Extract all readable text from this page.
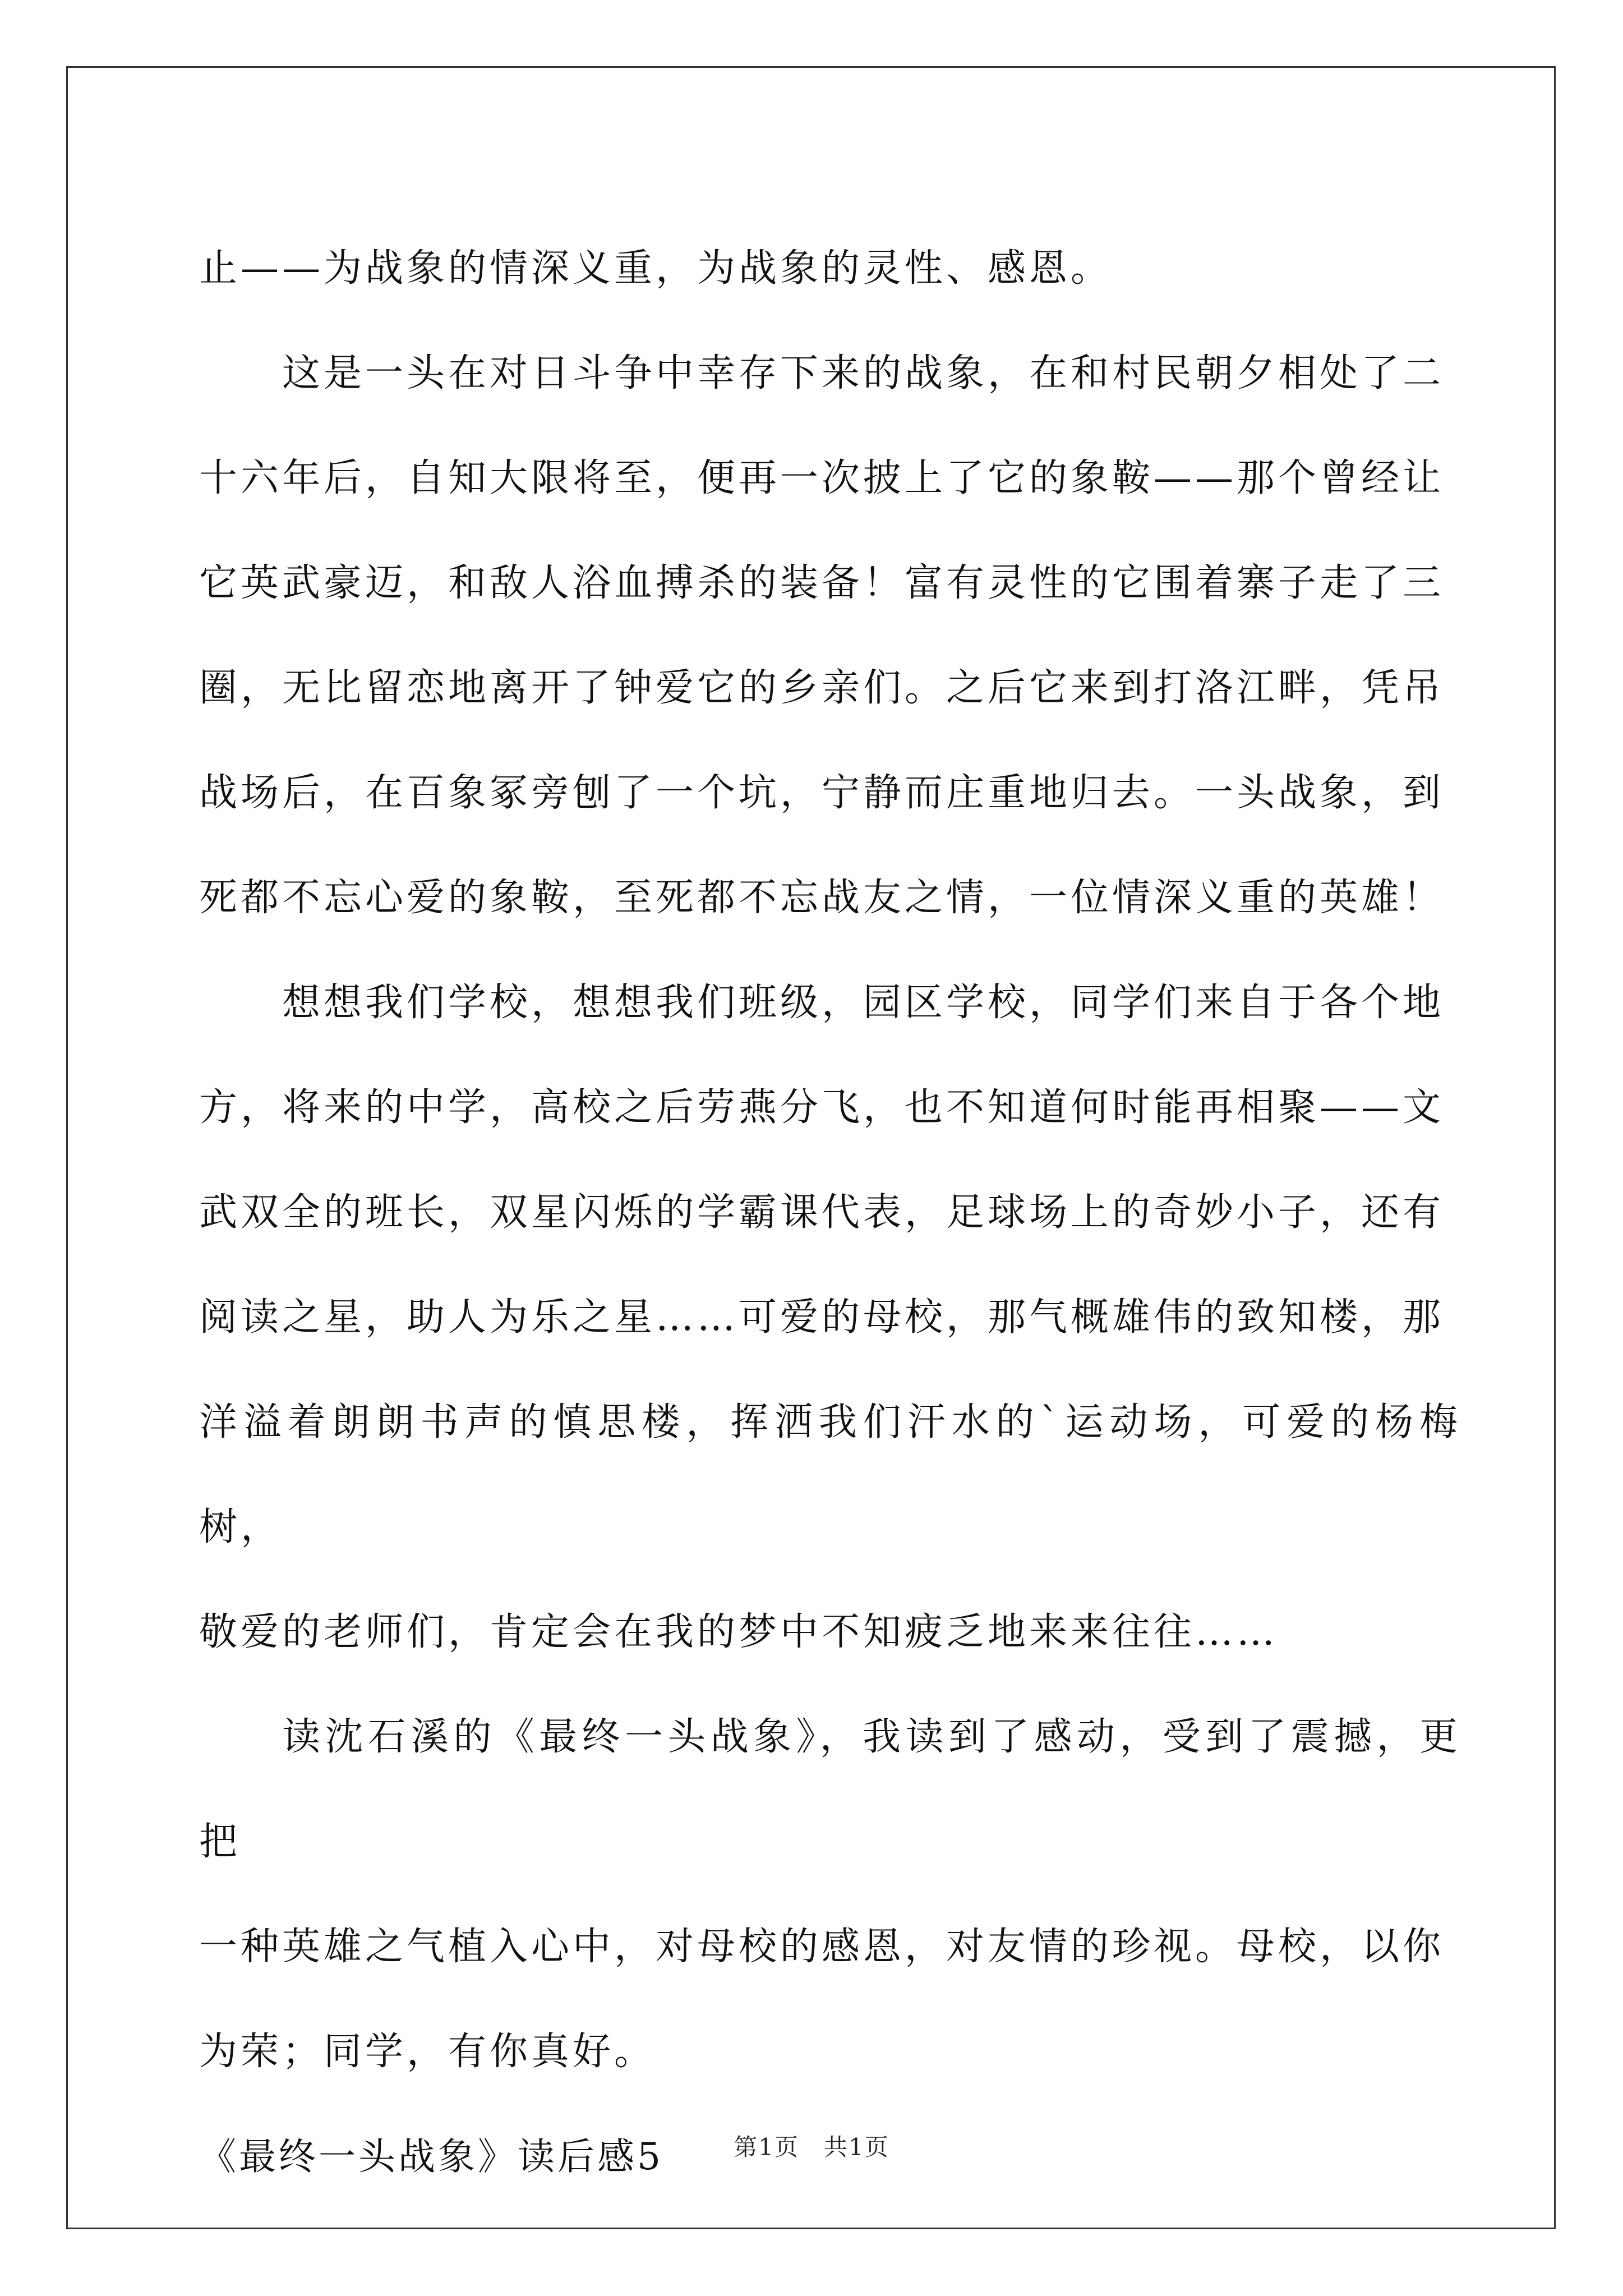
止——为战象的情深义重，为战象的灵性、感恩。
这是一头在对日斗争中幸存下来的战象，在和村民朝夕相处了二
十六年后，自知大限将至，便再一次披上了它的象鞍——那个曾经让
它英武豪迈，和敌人浴血搏杀的装备！富有灵性的它围着寨子走了三
圈，无比留恋地离开了钟爱它的乡亲们。之后它来到打洛江畔，凭吊
战场后，在百象冢旁刨了一个坑，宁静而庄重地归去。一头战象，到
死都不忘心爱的象鞍，至死都不忘战友之情，一位情深义重的英雄！
想想我们学校，想想我们班级，园区学校，同学们来自于各个地
方，将来的中学，高校之后劳燕分飞，也不知道何时能再相聚——文
武双全的班长，双星闪烁的学霸课代表，足球场上的奇妙小子，还有
阅读之星，助人为乐之星……可爱的母校，那气概雄伟的致知楼，那
洋溢着朗朗书声的慎思楼，挥洒我们汗水的`运动场，可爱的杨梅树，
敬爱的老师们，肯定会在我的梦中不知疲乏地来来往往……
读沈石溪的《最终一头战象》，我读到了感动，受到了震撼，更把
一种英雄之气植入心中，对母校的感恩，对友情的珍视。母校，以你
为荣；同学，有你真好。
《最终一头战象》读后感5	第1页　共1页
